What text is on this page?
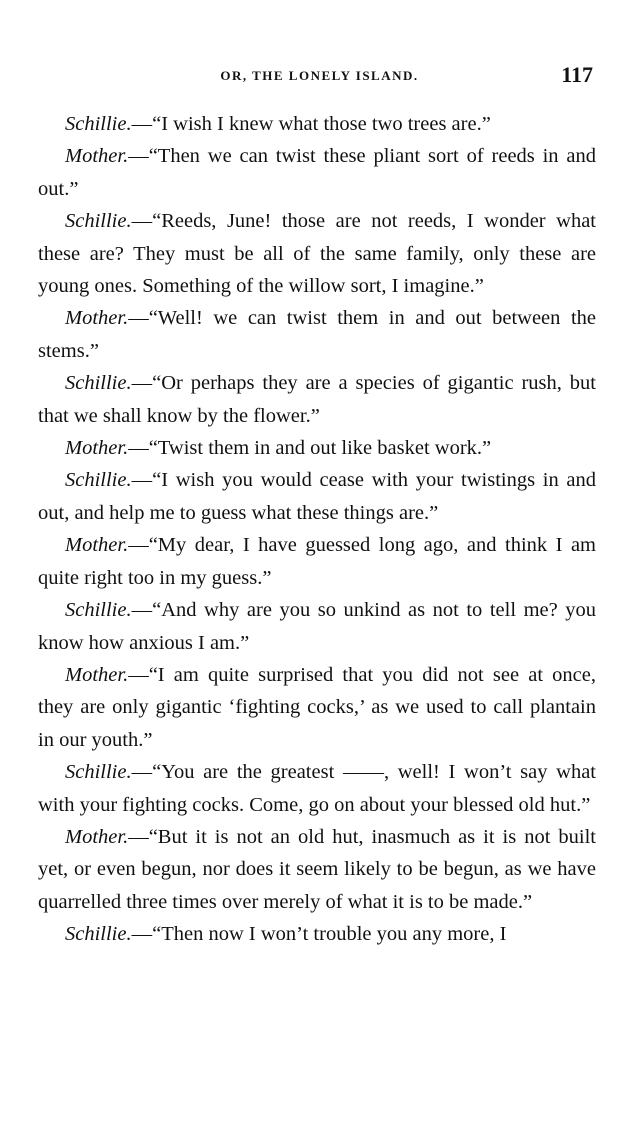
OR, THE LONELY ISLAND.	117

Schillie.—“I wish I knew what those two trees are.”

Mother.—“Then we can twist these pliant sort of reeds in and out.”

Schillie.—“Reeds, June! those are not reeds, I wonder what these are? They must be all of the same family, only these are young ones. Something of the willow sort, I imagine.”

Mother.—“Well! we can twist them in and out between the stems.”

Schillie.—“Or perhaps they are a species of gigantic rush, but that we shall know by the flower.”

Mother.—“Twist them in and out like basket work.”

Schillie.—“I wish you would cease with your twistings in and out, and help me to guess what these things are.”

Mother.—“My dear, I have guessed long ago, and think I am quite right too in my guess.”

Schillie.—“And why are you so unkind as not to tell me? you know how anxious I am.”

Mother.—“I am quite surprised that you did not see at once, they are only gigantic ‘fighting cocks,’ as we used to call plantain in our youth.”

Schillie.—“You are the greatest ——, well! I won’t say what with your fighting cocks. Come, go on about your blessed old hut.”

Mother.—“But it is not an old hut, inasmuch as it is not built yet, or even begun, nor does it seem likely to be begun, as we have quarrelled three times over merely of what it is to be made.”

Schillie.—“Then now I won’t trouble you any more, I
